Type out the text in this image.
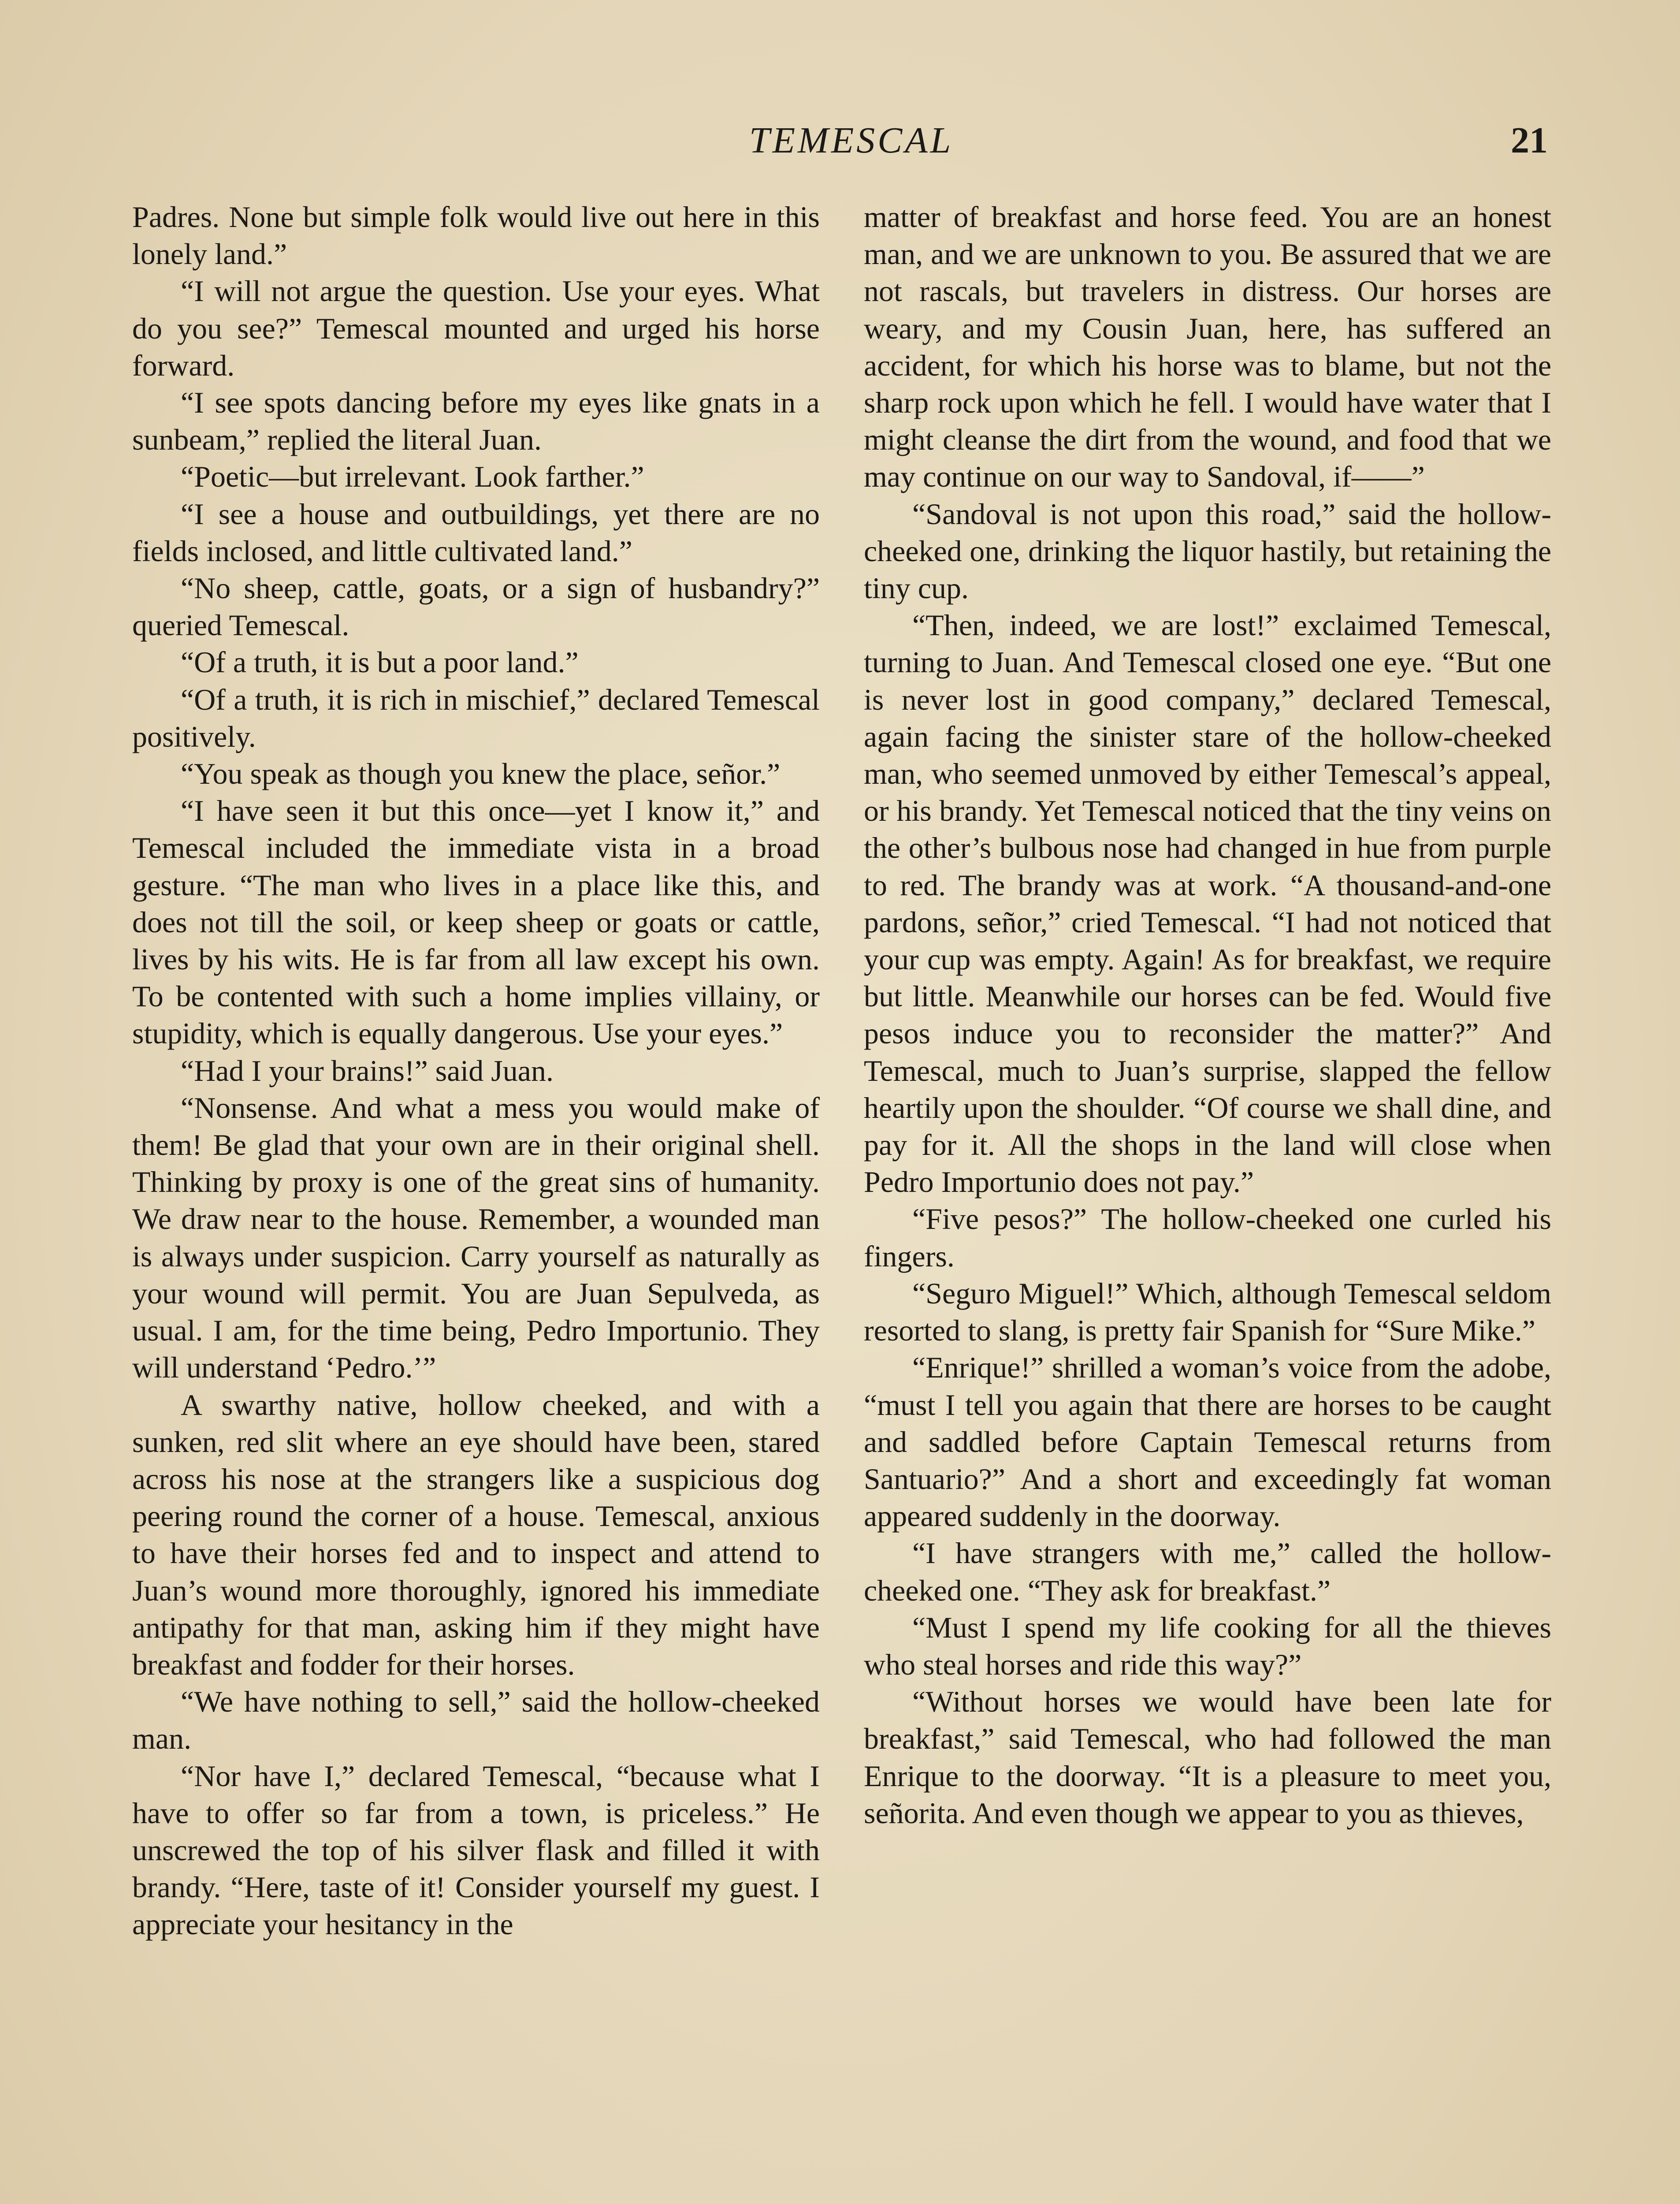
TEMESCAL	21

Padres. None but simple folk would live out here in this lonely land.”

“I will not argue the question. Use your eyes. What do you see?” Temescal mounted and urged his horse forward.

“I see spots dancing before my eyes like gnats in a sunbeam,” replied the literal Juan.

“Poetic—but irrelevant. Look farther.”

“I see a house and outbuildings, yet there are no fields inclosed, and little cultivated land.”

“No sheep, cattle, goats, or a sign of husbandry?” queried Temescal.

“Of a truth, it is but a poor land.”

“Of a truth, it is rich in mischief,” declared Temescal positively.

“You speak as though you knew the place, señor.”

“I have seen it but this once—yet I know it,” and Temescal included the immediate vista in a broad gesture. “The man who lives in a place like this, and does not till the soil, or keep sheep or goats or cattle, lives by his wits. He is far from all law except his own. To be contented with such a home implies villainy, or stupidity, which is equally dangerous. Use your eyes.”

“Had I your brains!” said Juan.

“Nonsense. And what a mess you would make of them! Be glad that your own are in their original shell. Thinking by proxy is one of the great sins of humanity. We draw near to the house. Remember, a wounded man is always under suspicion. Carry yourself as naturally as your wound will permit. You are Juan Sepulveda, as usual. I am, for the time being, Pedro Importunio. They will understand ‘Pedro.’”

A swarthy native, hollow cheeked, and with a sunken, red slit where an eye should have been, stared across his nose at the strangers like a suspicious dog peering round the corner of a house. Temescal, anxious to have their horses fed and to inspect and attend to Juan’s wound more thoroughly, ignored his immediate antipathy for that man, asking him if they might have breakfast and fodder for their horses.

“We have nothing to sell,” said the hollow-cheeked man.

“Nor have I,” declared Temescal, “because what I have to offer so far from a town, is priceless.” He unscrewed the top of his silver flask and filled it with brandy. “Here, taste of it! Consider yourself my guest. I appreciate your hesitancy in the

matter of breakfast and horse feed. You are an honest man, and we are unknown to you. Be assured that we are not rascals, but travelers in distress. Our horses are weary, and my Cousin Juan, here, has suffered an accident, for which his horse was to blame, but not the sharp rock upon which he fell. I would have water that I might cleanse the dirt from the wound, and food that we may continue on our way to Sandoval, if——”

“Sandoval is not upon this road,” said the hollow-cheeked one, drinking the liquor hastily, but retaining the tiny cup.

“Then, indeed, we are lost!” exclaimed Temescal, turning to Juan. And Temescal closed one eye. “But one is never lost in good company,” declared Temescal, again facing the sinister stare of the hollow-cheeked man, who seemed unmoved by either Temescal’s appeal, or his brandy. Yet Temescal noticed that the tiny veins on the other’s bulbous nose had changed in hue from purple to red. The brandy was at work. “A thousand-and-one pardons, señor,” cried Temescal. “I had not noticed that your cup was empty. Again! As for breakfast, we require but little. Meanwhile our horses can be fed. Would five pesos induce you to reconsider the matter?” And Temescal, much to Juan’s surprise, slapped the fellow heartily upon the shoulder. “Of course we shall dine, and pay for it. All the shops in the land will close when Pedro Importunio does not pay.”

“Five pesos?” The hollow-cheeked one curled his fingers.

“Seguro Miguel!” Which, although Temescal seldom resorted to slang, is pretty fair Spanish for “Sure Mike.”

“Enrique!” shrilled a woman’s voice from the adobe, “must I tell you again that there are horses to be caught and saddled before Captain Temescal returns from Santuario?” And a short and exceedingly fat woman appeared suddenly in the doorway.

“I have strangers with me,” called the hollow-cheeked one. “They ask for breakfast.”

“Must I spend my life cooking for all the thieves who steal horses and ride this way?”

“Without horses we would have been late for breakfast,” said Temescal, who had followed the man Enrique to the doorway. “It is a pleasure to meet you, señorita. And even though we appear to you as thieves,
